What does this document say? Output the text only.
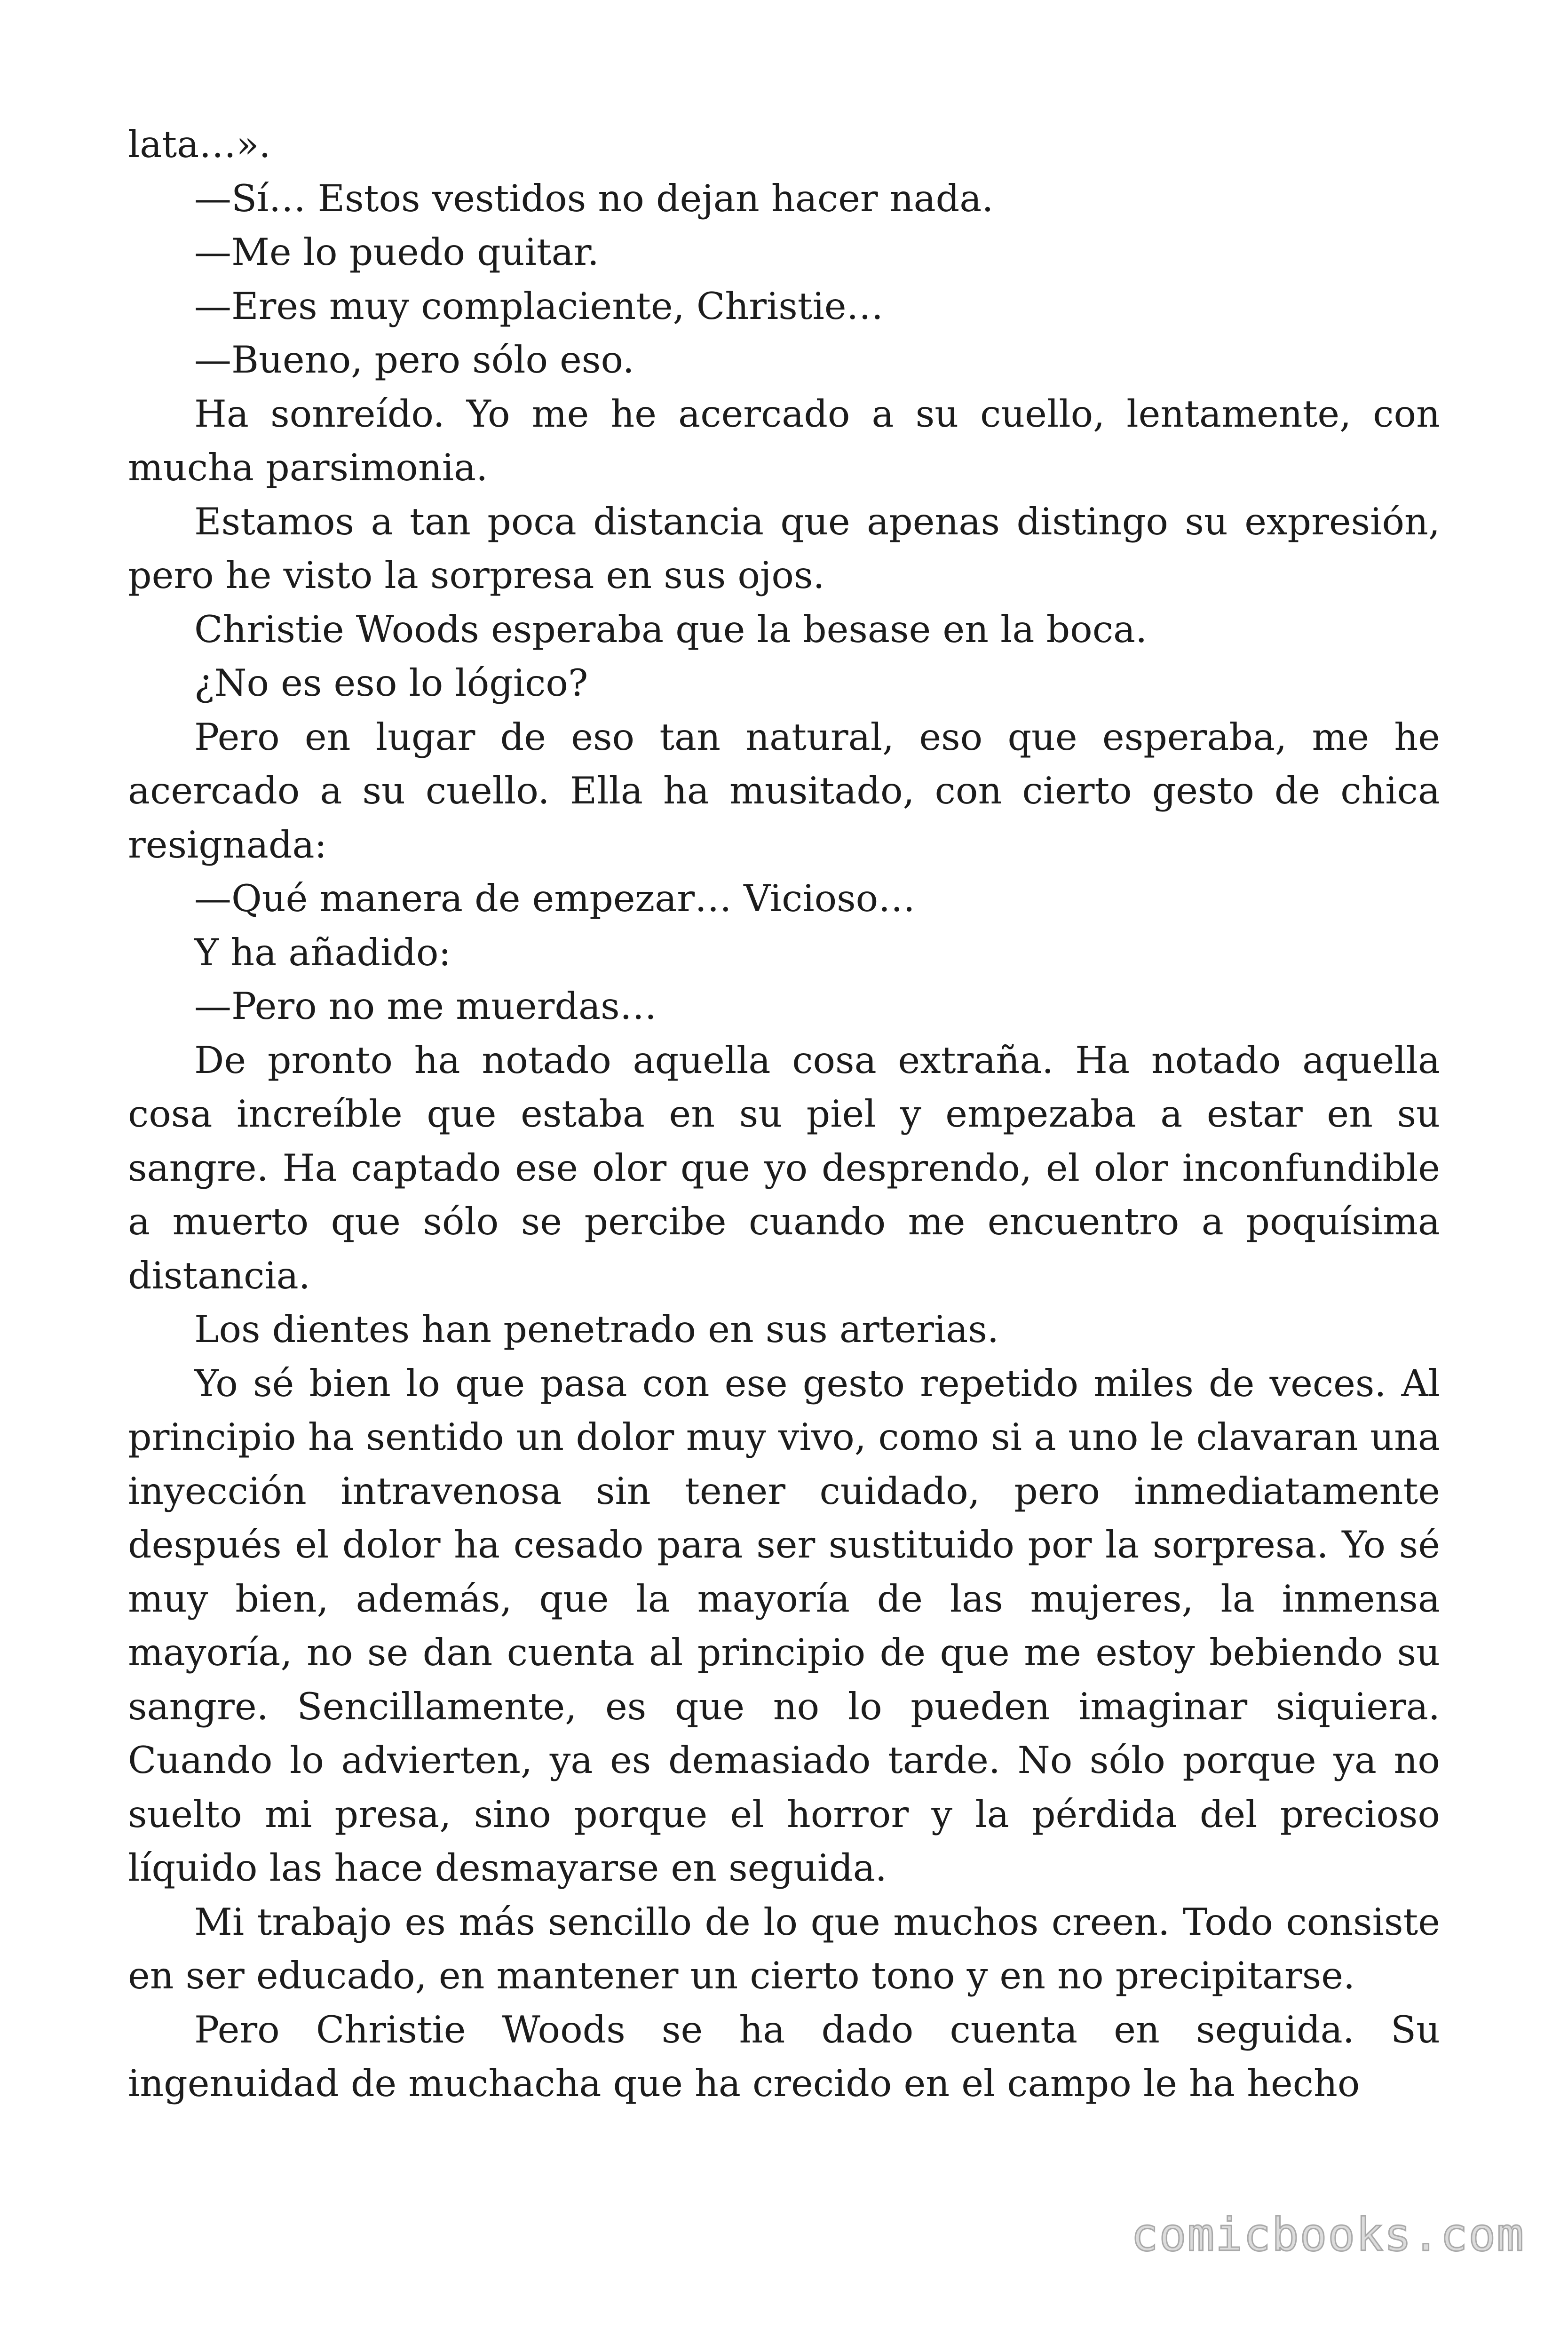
lata…».

—Sí… Estos vestidos no dejan hacer nada.

—Me lo puedo quitar.

—Eres muy complaciente, Christie…

—Bueno, pero sólo eso.

Ha sonreído. Yo me he acercado a su cuello, lentamente, con mucha parsimonia.

Estamos a tan poca distancia que apenas distingo su expresión, pero he visto la sorpresa en sus ojos.

Christie Woods esperaba que la besase en la boca.

¿No es eso lo lógico?

Pero en lugar de eso tan natural, eso que esperaba, me he acercado a su cuello. Ella ha musitado, con cierto gesto de chica resignada:

—Qué manera de empezar… Vicioso…

Y ha añadido:

—Pero no me muerdas…

De pronto ha notado aquella cosa extraña. Ha notado aquella cosa increíble que estaba en su piel y empezaba a estar en su sangre. Ha captado ese olor que yo desprendo, el olor inconfundible a muerto que sólo se percibe cuando me encuentro a poquísima distancia.

Los dientes han penetrado en sus arterias.

Yo sé bien lo que pasa con ese gesto repetido miles de veces. Al principio ha sentido un dolor muy vivo, como si a uno le clavaran una inyección intravenosa sin tener cuidado, pero inmediatamente después el dolor ha cesado para ser sustituido por la sorpresa. Yo sé muy bien, además, que la mayoría de las mujeres, la inmensa mayoría, no se dan cuenta al principio de que me estoy bebiendo su sangre. Sencillamente, es que no lo pueden imaginar siquiera. Cuando lo advierten, ya es demasiado tarde. No sólo porque ya no suelto mi presa, sino porque el horror y la pérdida del precioso líquido las hace desmayarse en seguida.

Mi trabajo es más sencillo de lo que muchos creen. Todo consiste en ser educado, en mantener un cierto tono y en no precipitarse.

Pero Christie Woods se ha dado cuenta en seguida. Su ingenuidad de muchacha que ha crecido en el campo le ha hecho

comicbooks.com
